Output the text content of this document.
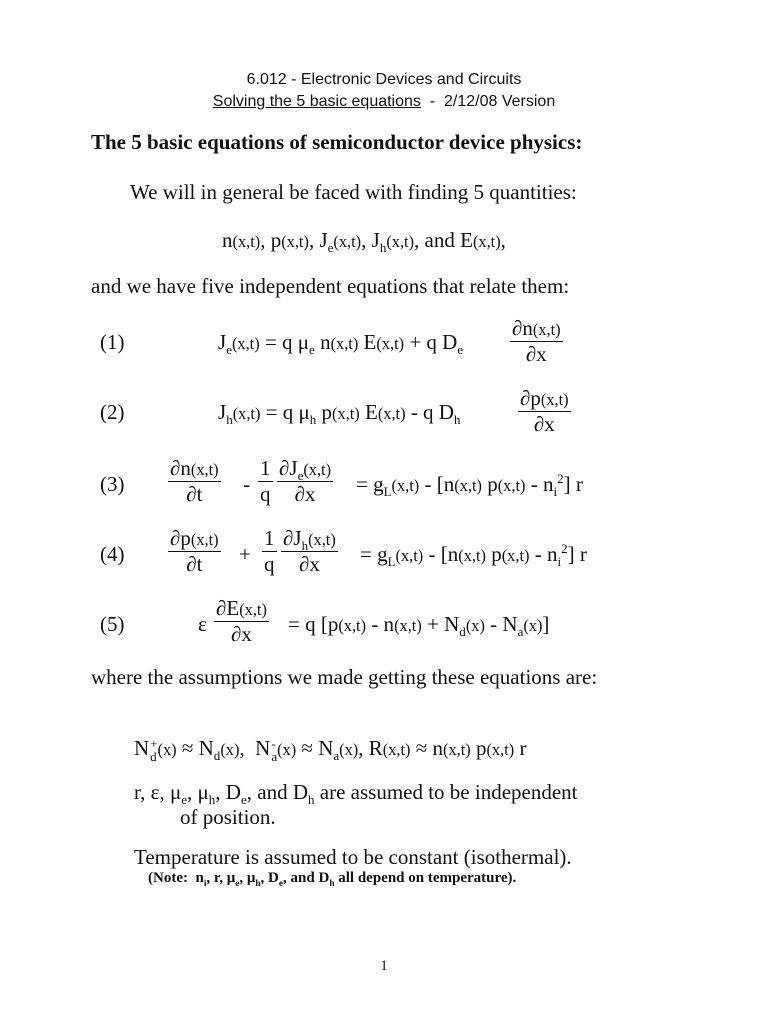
6.012 - Electronic Devices and Circuits
Solving the 5 basic equations  -  2/12/08 Version
The 5 basic equations of semiconductor device physics:
We will in general be faced with finding 5 quantities:
n(x,t), p(x,t), $J_e(x,t)$, $J_h(x,t)$, and E(x,t),
and we have five independent equations that relate them:
(1)	$J_e(x,t) = q$ $\mu_e$ n(x,t) E(x,t) + q $D_e \frac{\partial n(x,t)}{\partial x}$
(2)	$J_h(x,t) = q$ $\mu_h$ p(x,t) E(x,t) - q $D_h$	$\frac{\partial p(x,t)}{\partial x}$
$(3) \frac{\partial n(x,t)}{\partial t} - \frac{1}{q} \frac{\partial J_e(x,t)}{\partial x} = g_L(x,t) - [n(x,t)$ $p(x,t) - n_i^2$] r
$(4) \frac{\partial p(x,t)}{\partial t} + \frac{1}{q} \frac{\partial J_h(x,t)}{\partial x} = g_L(x,t) - [n(x,t)$ $p(x,t) - n_i^2$] r
(5)	ε $\frac{\partial E(x,t)}{\partial x} = q$ $[p(x,t) - n(x,t) + N_d(x) - N_a(x)]$
where the assumptions we made getting these equations are:
N +
d $(x) \approx N_d(x)$,  N -
a $(x) \approx N_a(x)$, R(x,t) ≈ n(x,t) p(x,t) r
r, ε, $\mu_e$, $\mu_h$, $D_e$, and $D_h$ are assumed to be independent
of position.
Temperature is assumed to be constant (isothermal).
(Note:  $n_i$, r, $\mu_e$, $\mu_h$, $D_e$, and $D_h$ all depend on temperature).
1
